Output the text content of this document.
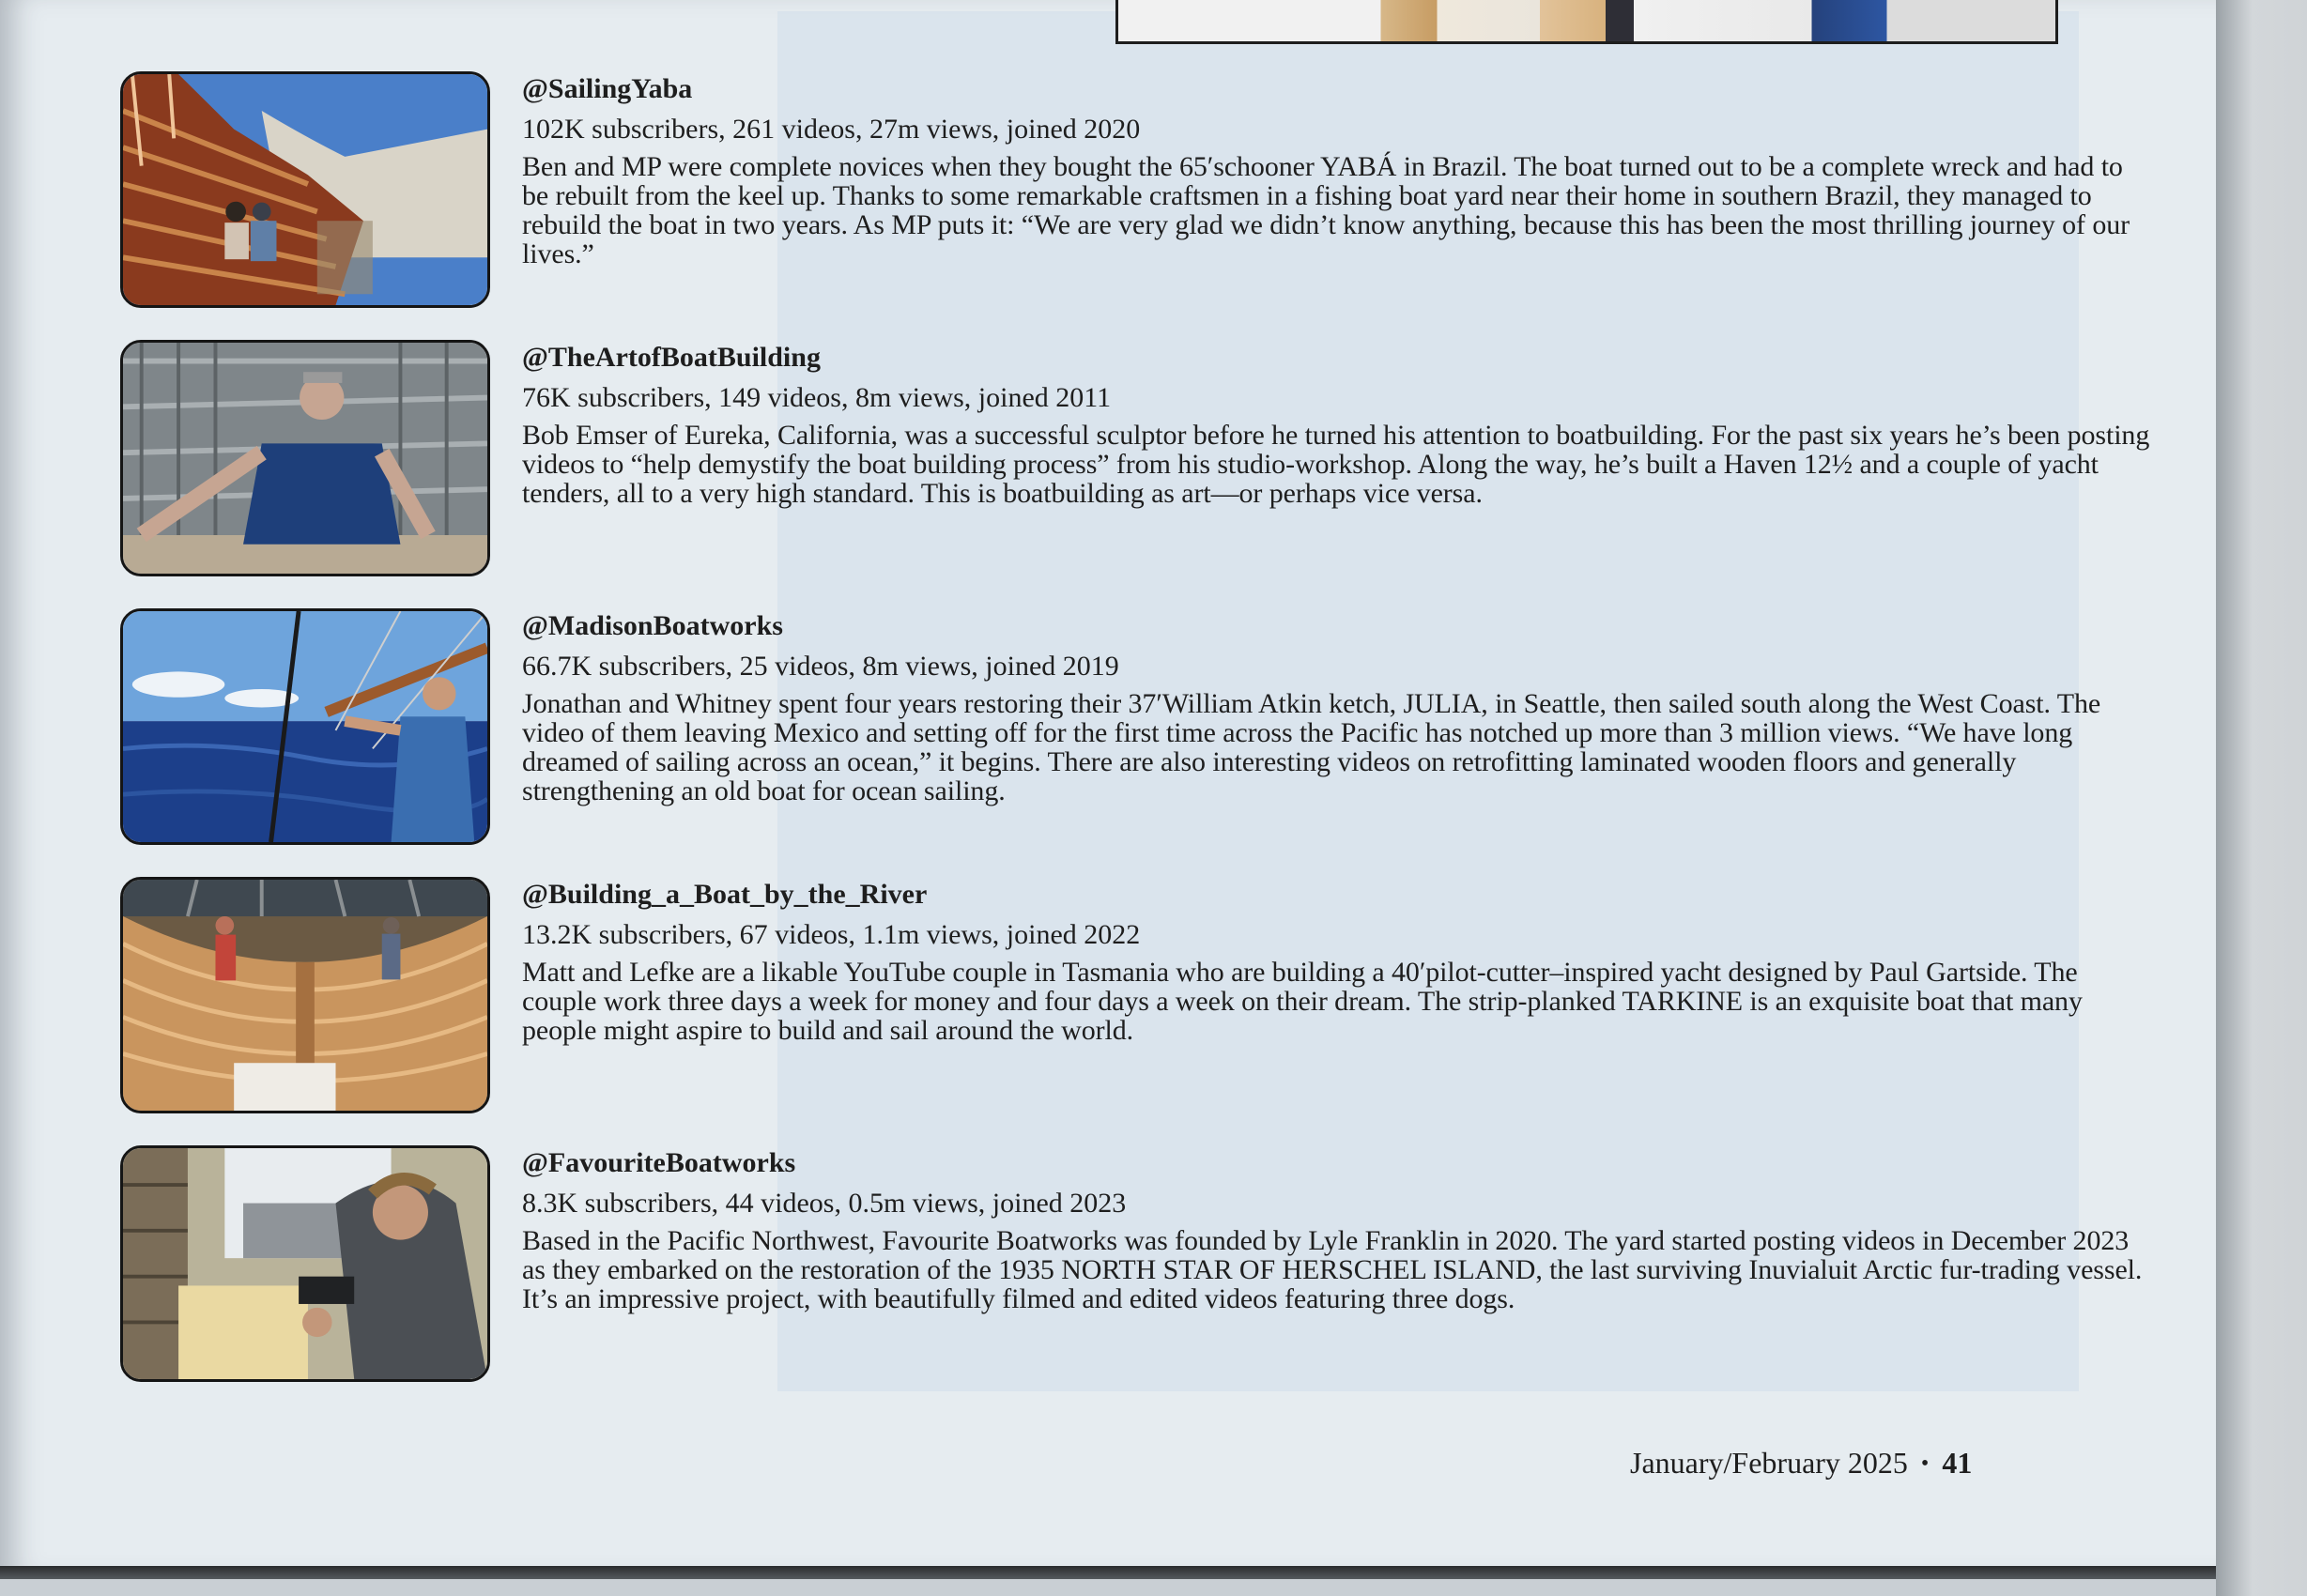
@SailingYaba

102K subscribers, 261 videos, 27m views, joined 2020

Ben and MP were complete novices when they bought the 65′schooner YABÁ in Brazil. The boat turned out to be a complete wreck and had to be rebuilt from the keel up. Thanks to some remarkable craftsmen in a fishing boat yard near their home in southern Brazil, they managed to rebuild the boat in two years. As MP puts it: “We are very glad we didn’t know anything, because this has been the most thrilling journey of our lives.”

@TheArtofBoatBuilding

76K subscribers, 149 videos, 8m views, joined 2011

Bob Emser of Eureka, California, was a successful sculptor before he turned his attention to boatbuilding. For the past six years he’s been posting videos to “help demystify the boat building process” from his studio-workshop. Along the way, he’s built a Haven 12½ and a couple of yacht tenders, all to a very high standard. This is boatbuilding as art—or perhaps vice versa.

@MadisonBoatworks

66.7K subscribers, 25 videos, 8m views, joined 2019

Jonathan and Whitney spent four years restoring their 37′William Atkin ketch, JULIA, in Seattle, then sailed south along the West Coast. The video of them leaving Mexico and setting off for the first time across the Pacific has notched up more than 3 million views. “We have long dreamed of sailing across an ocean,” it begins. There are also interesting videos on retrofitting laminated wooden floors and generally strengthening an old boat for ocean sailing.

@Building_a_Boat_by_the_River

13.2K subscribers, 67 videos, 1.1m views, joined 2022

Matt and Lefke are a likable YouTube couple in Tasmania who are building a 40′pilot-cutter–inspired yacht designed by Paul Gartside. The couple work three days a week for money and four days a week on their dream. The strip-planked TARKINE is an exquisite boat that many people might aspire to build and sail around the world.

@FavouriteBoatworks

8.3K subscribers, 44 videos, 0.5m views, joined 2023

Based in the Pacific Northwest, Favourite Boatworks was founded by Lyle Franklin in 2020. The yard started posting videos in December 2023 as they embarked on the restoration of the 1935 NORTH STAR OF HERSCHEL ISLAND, the last surviving Inuvialuit Arctic fur-trading vessel. It’s an impressive project, with beautifully filmed and edited videos featuring three dogs.

January/February 2025 • 41
